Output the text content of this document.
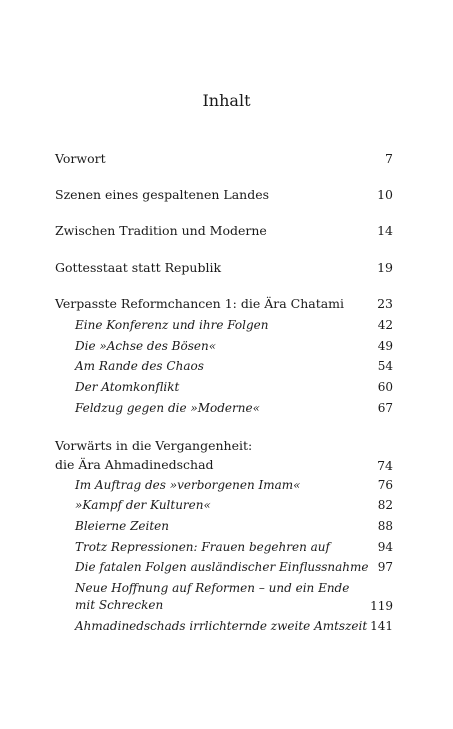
Inhalt
Vorwort	7
Szenen eines gespaltenen Landes	10
Zwischen Tradition und Moderne	14
Gottesstaat statt Republik	19
Verpasste Reformchancen 1: die Ära Chatami	23
Eine Konferenz und ihre Folgen	42
Die »Achse des Bösen«	49
Am Rande des Chaos	54
Der Atomkonflikt	60
Feldzug gegen die »Moderne«	67
Vorwärts in die Vergangenheit:
die Ära Ahmadinedschad	74
Im Auftrag des »verborgenen Imam«	76
»Kampf der Kulturen«	82
Bleierne Zeiten	88
Trotz Repressionen: Frauen begehren auf	94
Die fatalen Folgen ausländischer Einflussnahme 97
Neue Hoffnung auf Reformen – und ein Ende
mit Schrecken	119
Ahmadinedschads irrlichternde zweite Amtszeit 141
